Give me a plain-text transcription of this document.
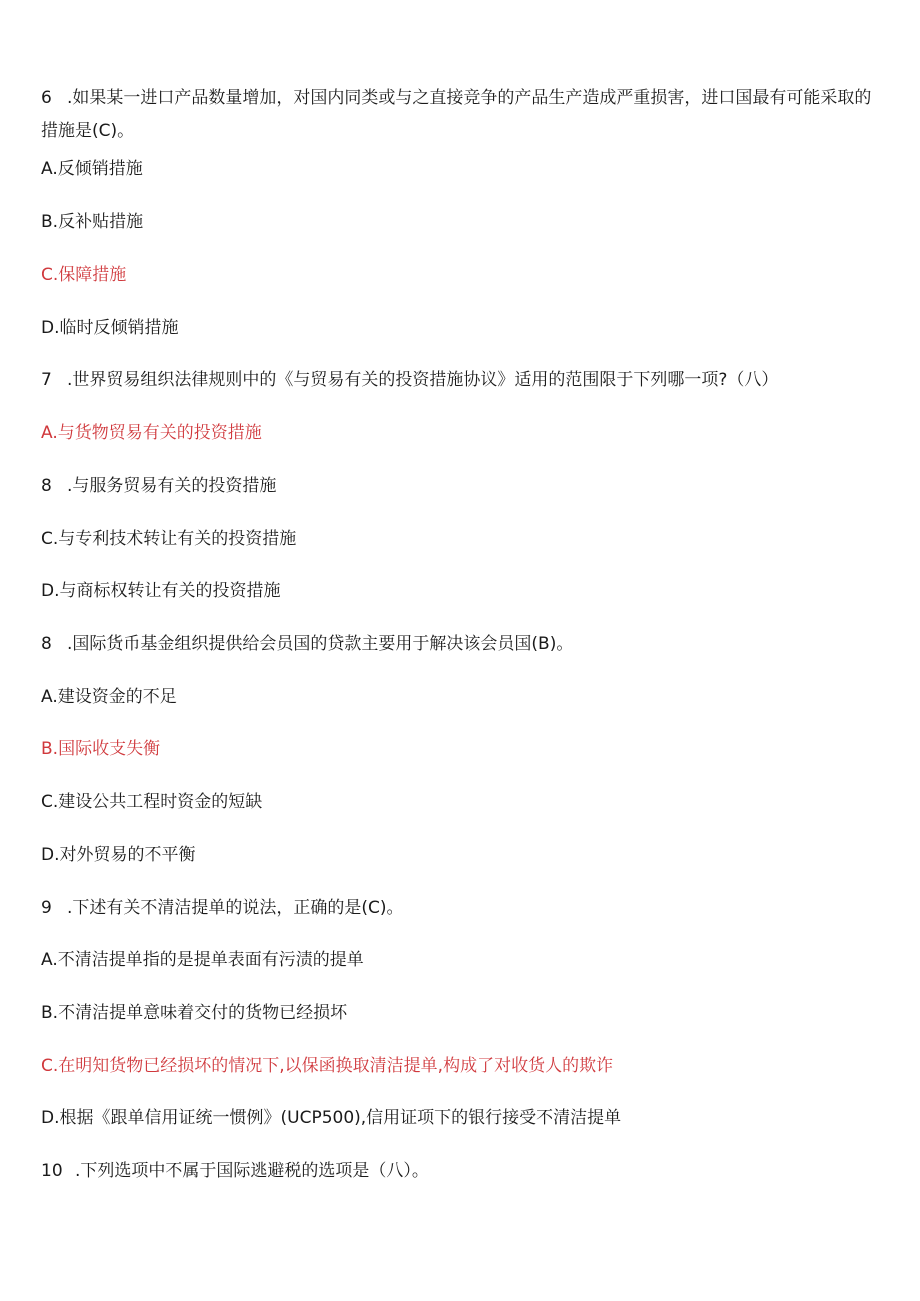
6 .如果某一进口产品数量增加，对国内同类或与之直接竞争的产品生产造成严重损害，进口国最有可能采取的措施是(C)。
A.反倾销措施
B.反补贴措施
C.保障措施
D.临时反倾销措施
7 .世界贸易组织法律规则中的《与贸易有关的投资措施协议》适用的范围限于下列哪一项?（八）
A.与货物贸易有关的投资措施
8 .与服务贸易有关的投资措施
C.与专利技术转让有关的投资措施
D.与商标权转让有关的投资措施
8 .国际货币基金组织提供给会员国的贷款主要用于解决该会员国(B)。
A.建设资金的不足
B.国际收支失衡
C.建设公共工程时资金的短缺
D.对外贸易的不平衡
9 .下述有关不清洁提单的说法，正确的是(C)。
A.不清洁提单指的是提单表面有污渍的提单
B.不清洁提单意味着交付的货物已经损坏
C.在明知货物已经损坏的情况下,以保函换取清洁提单,构成了对收货人的欺诈
D.根据《跟单信用证统一惯例》(UCP500),信用证项下的银行接受不清洁提单
10 .下列选项中不属于国际逃避税的选项是（八）。
